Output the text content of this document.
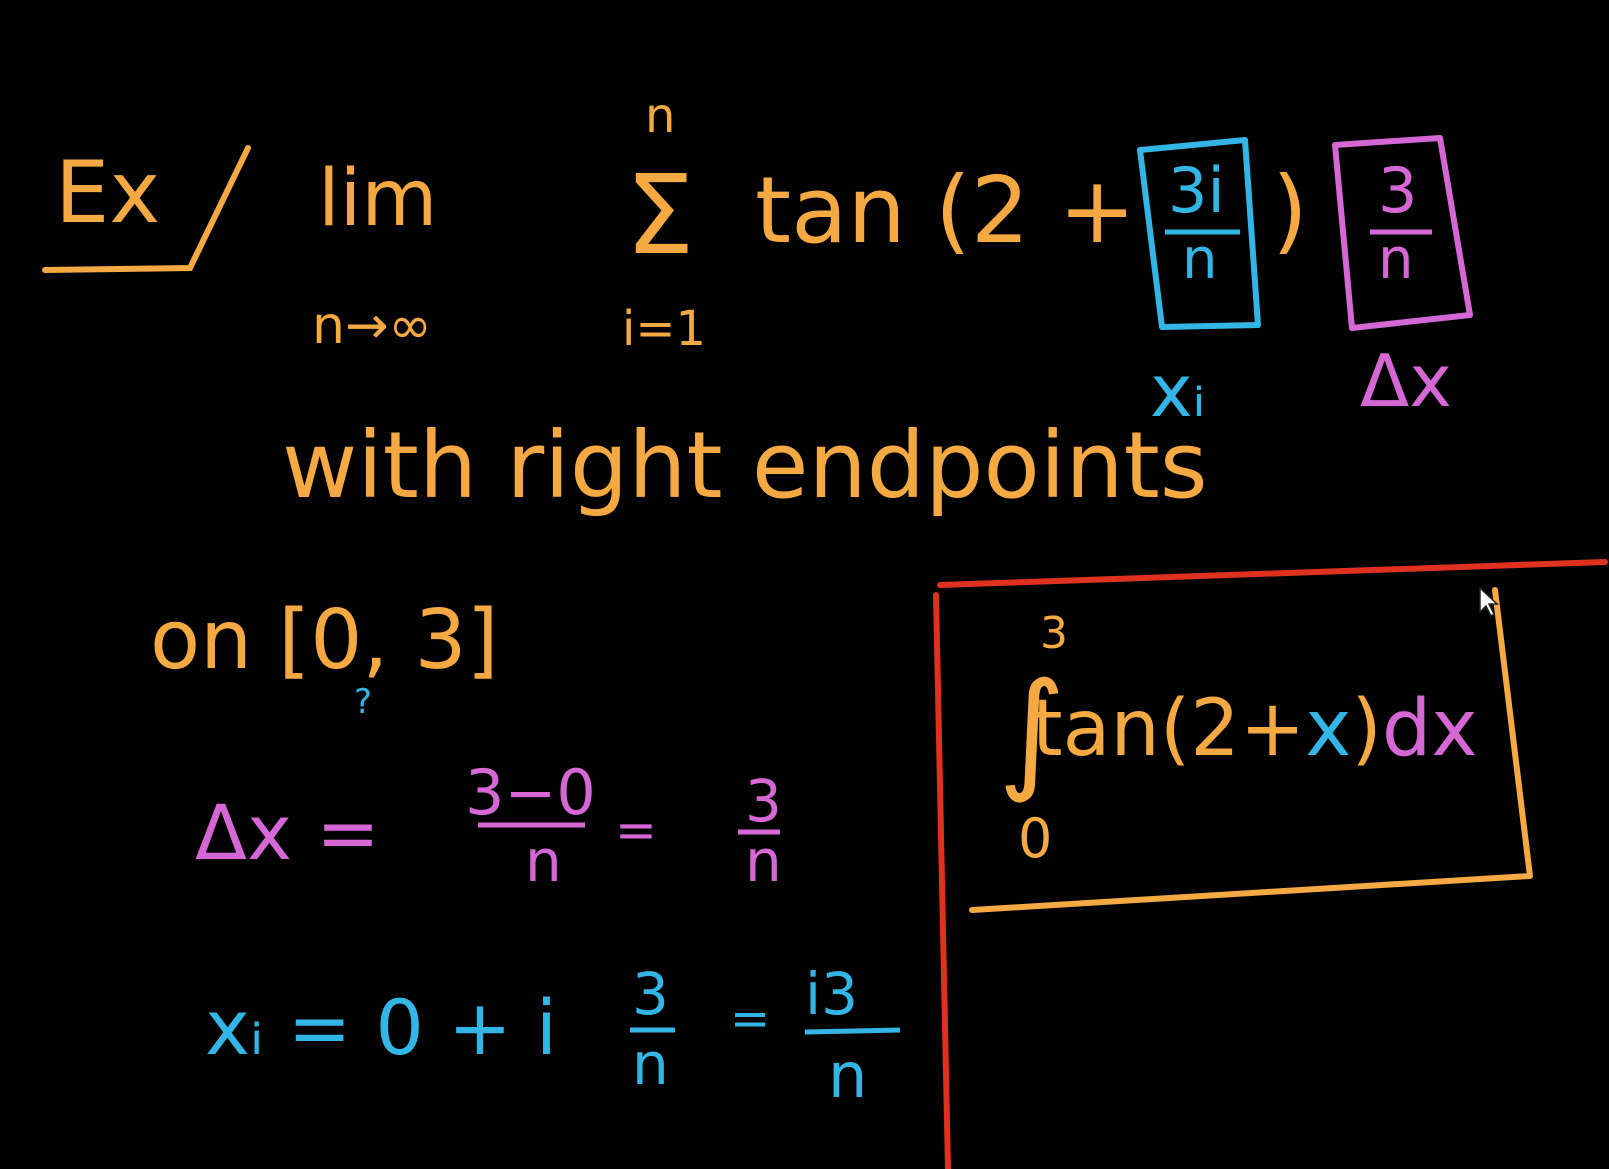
Ex lim
n→∞
n
Σ
i=1
tan (2 + 3i
n ) 3
n
xᵢ Δx
with right endpoints
on [0, 3]
?
Δx = 3−0
n = 3
n
xᵢ = 0 + i 3
n
= i3
n
3
∫
tan(2+x)dx
0
